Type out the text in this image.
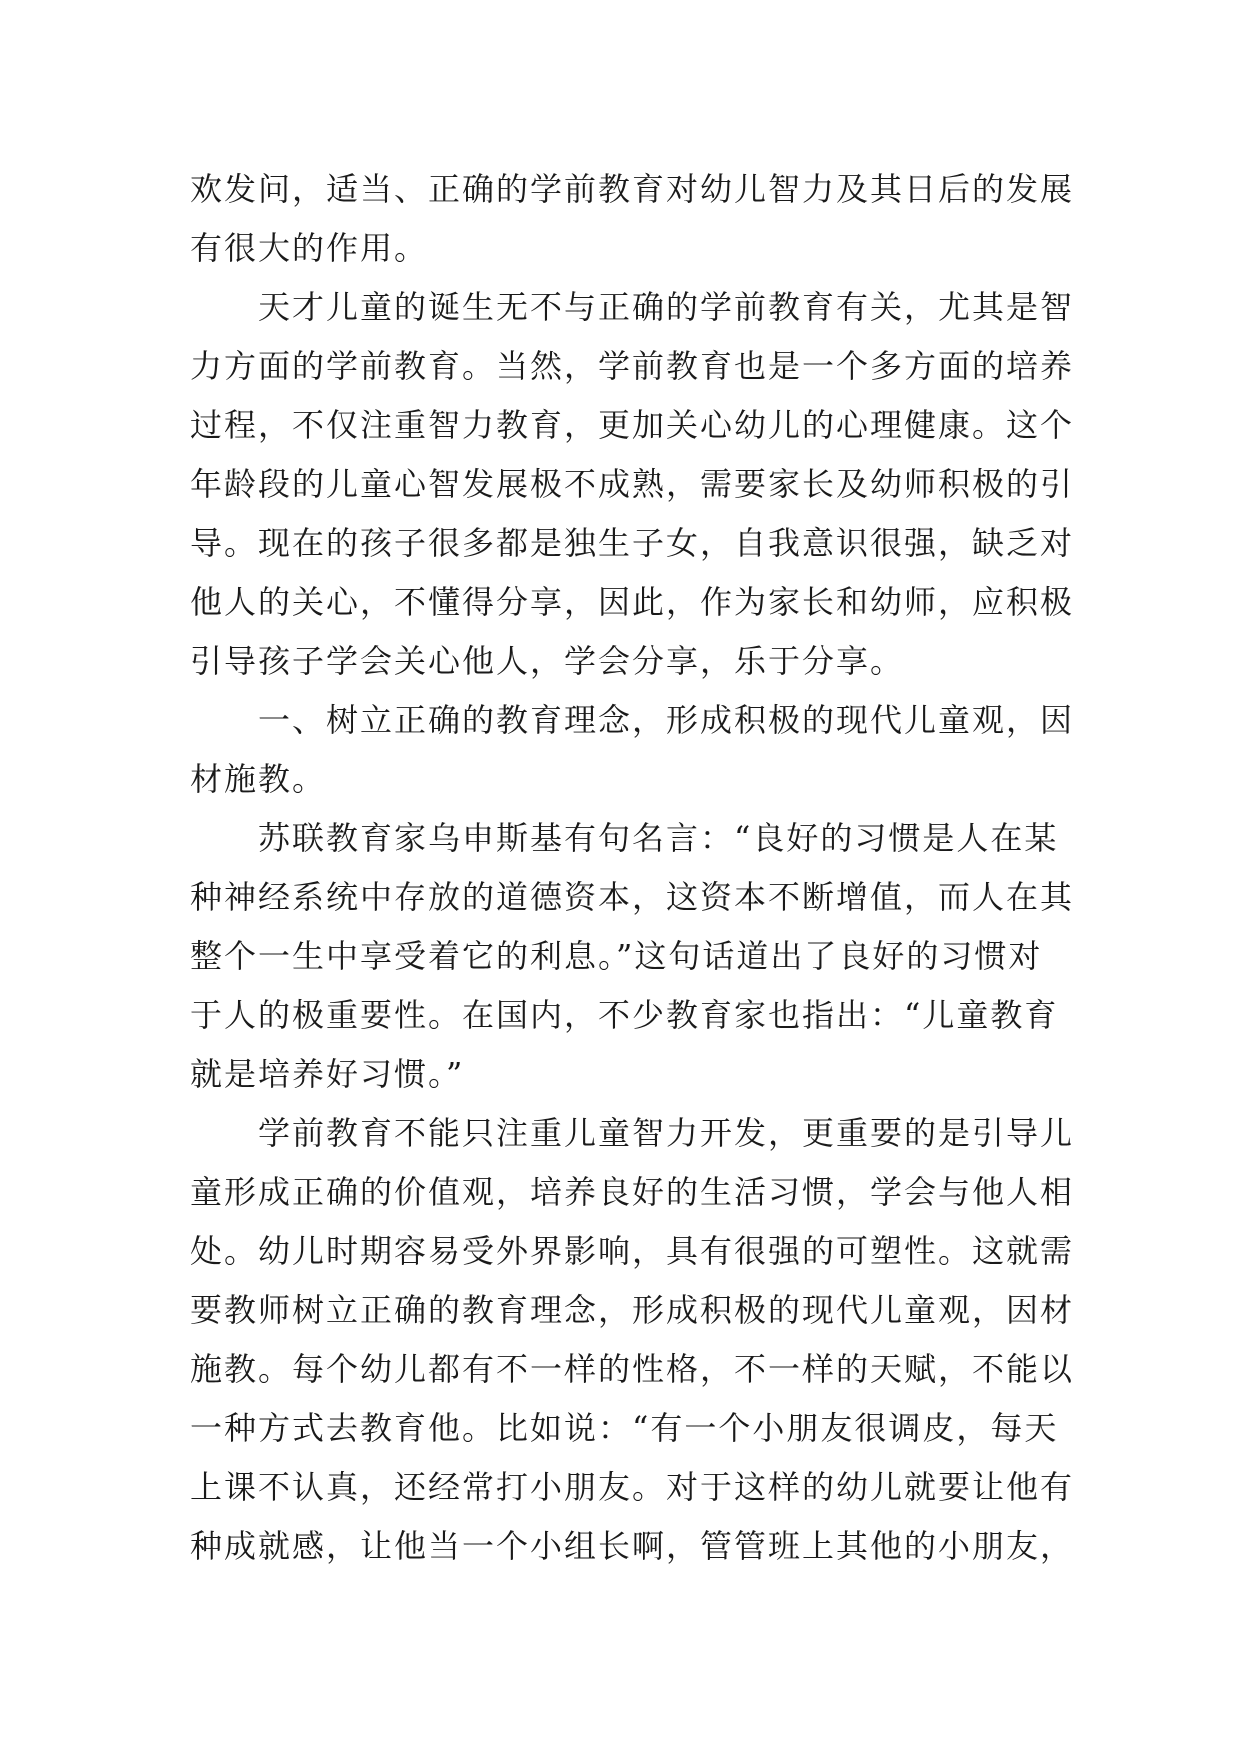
欢发问，适当、正确的学前教育对幼儿智力及其日后的发展
有很大的作用。
　　天才儿童的诞生无不与正确的学前教育有关，尤其是智
力方面的学前教育。当然，学前教育也是一个多方面的培养
过程，不仅注重智力教育，更加关心幼儿的心理健康。这个
年龄段的儿童心智发展极不成熟，需要家长及幼师积极的引
导。现在的孩子很多都是独生子女，自我意识很强，缺乏对
他人的关心，不懂得分享，因此，作为家长和幼师，应积极
引导孩子学会关心他人，学会分享，乐于分享。
　　一、树立正确的教育理念，形成积极的现代儿童观，因
材施教。
　　苏联教育家乌申斯基有句名言：“良好的习惯是人在某
种神经系统中存放的道德资本，这资本不断增值，而人在其
整个一生中享受着它的利息。”这句话道出了良好的习惯对
于人的极重要性。在国内，不少教育家也指出：“儿童教育
就是培养好习惯。”
　　学前教育不能只注重儿童智力开发，更重要的是引导儿
童形成正确的价值观，培养良好的生活习惯，学会与他人相
处。幼儿时期容易受外界影响，具有很强的可塑性。这就需
要教师树立正确的教育理念，形成积极的现代儿童观，因材
施教。每个幼儿都有不一样的性格，不一样的天赋，不能以
一种方式去教育他。比如说：“有一个小朋友很调皮，每天
上课不认真，还经常打小朋友。对于这样的幼儿就要让他有
种成就感，让他当一个小组长啊，管管班上其他的小朋友，
